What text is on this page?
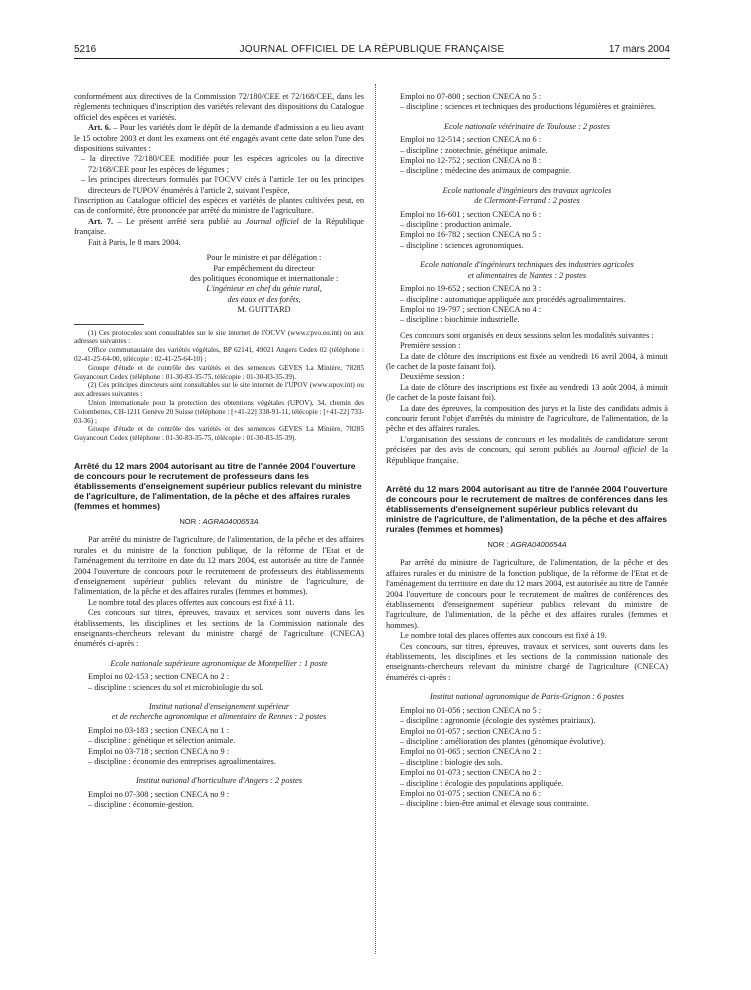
5216	JOURNAL OFFICIEL DE LA RÉPUBLIQUE FRANÇAISE	17 mars 2004

conformément aux directives de la Commission 72/180/CEE et 72/168/CEE, dans les règlements techniques d'inscription des variétés relevant des dispositions du Catalogue officiel des espèces et variétés.

Art. 6. – Pour les variétés dont le dépôt de la demande d'admission a eu lieu avant le 15 octobre 2003 et dont les examens ont été engagés avant cette date selon l'une des dispositions suivantes :

– la directive 72/180/CEE modifiée pour les espèces agricoles ou la directive 72/168/CEE pour les espèces de légumes ;

– les principes directeurs formulés par l'OCVV cités à l'article 1er ou les principes directeurs de l'UPOV énumérés à l'article 2, suivant l'espèce,

l'inscription au Catalogue officiel des espèces et variétés de plantes cultivées peut, en cas de conformité, être prononcée par arrêté du ministre de l'agriculture.

Art. 7. – Le présent arrêté sera publié au Journal officiel de la République française.

Fait à Paris, le 8 mars 2004.

Pour le ministre et par délégation :

Par empêchement du directeur

des politiques économique et internationale :

L'ingénieur en chef du génie rural,

des eaux et des forêts,

M. GUITTARD

(1) Ces protocoles sont consultables sur le site internet de l'OCVV (www.cpvo.eu.int) ou aux adresses suivantes :

Office communautaire des variétés végétales, BP 62141, 49021 Angers Cedex 02 (téléphone : 02-41-25-64-00, télécopie : 02-41-25-64-10) ;

Groupe d'étude et de contrôle des variétés et des semences GEVES La Minière, 78285 Guyancourt Cedex (téléphone : 01-30-83-35-75, télécopie : 01-30-83-35-39).

(2) Ces principes directeurs sont consultables sur le site internet de l'UPOV (www.upov.int) ou aux adresses suivantes :

Union internationale pour la protection des obtentions végétales (UPOV), 34, chemin des Colombettes, CH-1211 Genève 20 Suisse (téléphone : [+41-22] 338-91-11, télécopie : [+41-22] 733-03-36) ;

Groupe d'étude et de contrôle des variétés et des semences GEVES La Minière, 78285 Guyancourt Cedex (téléphone : 01-30-83-35-75, télécopie : 01-30-83-35-39).

Arrêté du 12 mars 2004 autorisant au titre de l'année 2004 l'ouverture de concours pour le recrutement de professeurs dans les établissements d'enseignement supérieur publics relevant du ministre de l'agriculture, de l'alimentation, de la pêche et des affaires rurales (femmes et hommes)

NOR : AGRA0400653A

Par arrêté du ministre de l'agriculture, de l'alimentation, de la pêche et des affaires rurales et du ministre de la fonction publique, de la réforme de l'Etat et de l'aménagement du territoire en date du 12 mars 2004, est autorisée au titre de l'année 2004 l'ouverture de concours pour le recrutement de professeurs des établissements d'enseignement supérieur publics relevant du ministre de l'agriculture, de l'alimentation, de la pêche et des affaires rurales (femmes et hommes).

Le nombre total des places offertes aux concours est fixé à 11.

Ces concours sur titres, épreuves, travaux et services sont ouverts dans les établissements, les disciplines et les sections de la Commission nationale des enseignants-chercheurs relevant du ministre chargé de l'agriculture (CNECA) énumérés ci-après :

Ecole nationale supérieure agronomique de Montpellier : 1 poste

Emploi no 02-153 ; section CNECA no 2 :

– discipline : sciences du sol et microbiologie du sol.

Institut national d'enseignement supérieur

et de recherche agronomique et alimentaire de Rennes : 2 postes

Emploi no 03-183 ; section CNECA no 1 :

– discipline : génétique et sélection animale.

Emploi no 03-718 ; section CNECA no 9 :

– discipline : économie des entreprises agroalimentaires.

Institut national d'horticulture d'Angers : 2 postes

Emploi no 07-308 ; section CNECA no 9 :

– discipline : économie-gestion.

Emploi no 07-800 ; section CNECA no 5 :

– discipline : sciences et techniques des productions légumières et grainières.

Ecole nationale vétérinaire de Toulouse : 2 postes

Emploi no 12-514 ; section CNECA no 6 :

– discipline : zootechnie, génétique animale.

Emploi no 12-752 ; section CNECA no 8 :

– discipline : médecine des animaux de compagnie.

Ecole nationale d'ingénieurs des travaux agricoles

de Clermont-Ferrand : 2 postes

Emploi no 16-601 ; section CNECA no 6 :

– discipline : production animale.

Emploi no 16-782 ; section CNECA no 5 :

– discipline : sciences agronomiques.

Ecole nationale d'ingénieurs techniques des industries agricoles

et alimentaires de Nantes : 2 postes

Emploi no 19-652 ; section CNECA no 3 :

– discipline : automatique appliquée aux procédés agroalimentaires.

Emploi no 19-797 ; section CNECA no 4 :

– discipline : biochimie industrielle.

Ces concours sont organisés en deux sessions selon les modalités suivantes :

Première session :

La date de clôture des inscriptions est fixée au vendredi 16 avril 2004, à minuit (le cachet de la poste faisant foi).

Deuxième session :

La date de clôture des inscriptions est fixée au vendredi 13 août 2004, à minuit (le cachet de la poste faisant foi).

La date des épreuves, la composition des jurys et la liste des candidats admis à concourir feront l'objet d'arrêtés du ministre de l'agriculture, de l'alimentation, de la pêche et des affaires rurales.

L'organisation des sessions de concours et les modalités de candidature seront précisées par des avis de concours, qui seront publiés au Journal officiel de la République française.

Arrêté du 12 mars 2004 autorisant au titre de l'année 2004 l'ouverture de concours pour le recrutement de maîtres de conférences dans les établissements d'enseignement supérieur publics relevant du ministre de l'agriculture, de l'alimentation, de la pêche et des affaires rurales (femmes et hommes)

NOR : AGRA0400654A

Par arrêté du ministre de l'agriculture, de l'alimentation, de la pêche et des affaires rurales et du ministre de la fonction publique, de la réforme de l'Etat et de l'aménagement du territoire en date du 12 mars 2004, est autorisée au titre de l'année 2004 l'ouverture de concours pour le recrutement de maîtres de conférences des établissements d'enseignement supérieur publics relevant du ministre de l'agriculture, de l'alimentation, de la pêche et des affaires rurales (femmes et hommes).

Le nombre total des places offertes aux concours est fixé à 19.

Ces concours, sur titres, épreuves, travaux et services, sont ouverts dans les établissements, les disciplines et les sections de la commission nationale des enseignants-chercheurs relevant du ministre chargé de l'agriculture (CNECA) énumérés ci-après :

Institut national agronomique de Paris-Grignon : 6 postes

Emploi no 01-056 ; section CNECA no 5 :

– discipline : agronomie (écologie des systèmes prairiaux).

Emploi no 01-057 ; section CNECA no 5 :

– discipline : amélioration des plantes (génomique évolutive).

Emploi no 01-065 ; section CNECA no 2 :

– discipline : biologie des sols.

Emploi no 01-073 ; section CNECA no 2 :

– discipline : écologie des populations appliquée.

Emploi no 01-075 ; section CNECA no 6 :

– discipline : bien-être animal et élevage sous contrainte.
